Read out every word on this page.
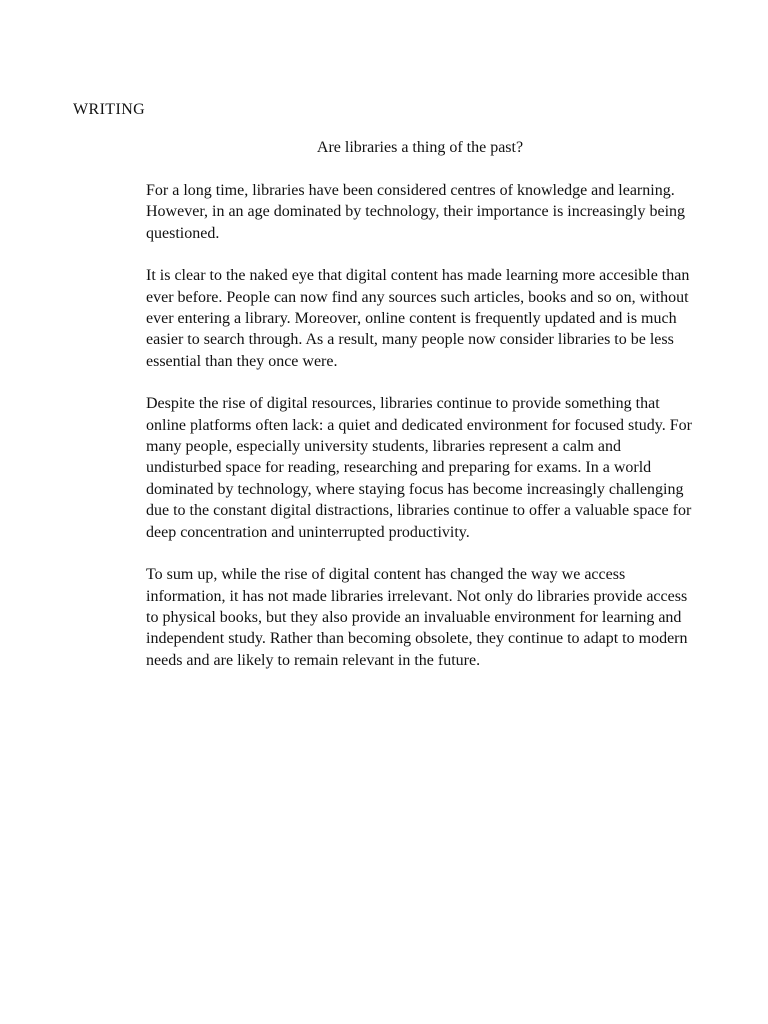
WRITING
Are libraries a thing of the past?

For a long time, libraries have been considered centres of knowledge and learning. However, in an age dominated by technology, their importance is increasingly being questioned.

It is clear to the naked eye that digital content has made learning more accesible than ever before. People can now find any sources such articles, books and so on, without ever entering a library. Moreover, online content is frequently updated and is much easier to search through. As a result, many people now consider libraries to be less essential than they once were.

Despite the rise of digital resources, libraries continue to provide something that online platforms often lack: a quiet and dedicated environment for focused study. For many people, especially university students, libraries represent a calm and undisturbed space for reading, researching and preparing for exams. In a world dominated by technology, where staying focus has become increasingly challenging due to the constant digital distractions, libraries continue to offer a valuable space for deep concentration and uninterrupted productivity.

To sum up, while the rise of digital content has changed the way we access information, it has not made libraries irrelevant. Not only do libraries provide access to physical books, but they also provide an invaluable environment for learning and independent study. Rather than becoming obsolete, they continue to adapt to modern needs and are likely to remain relevant in the future.
